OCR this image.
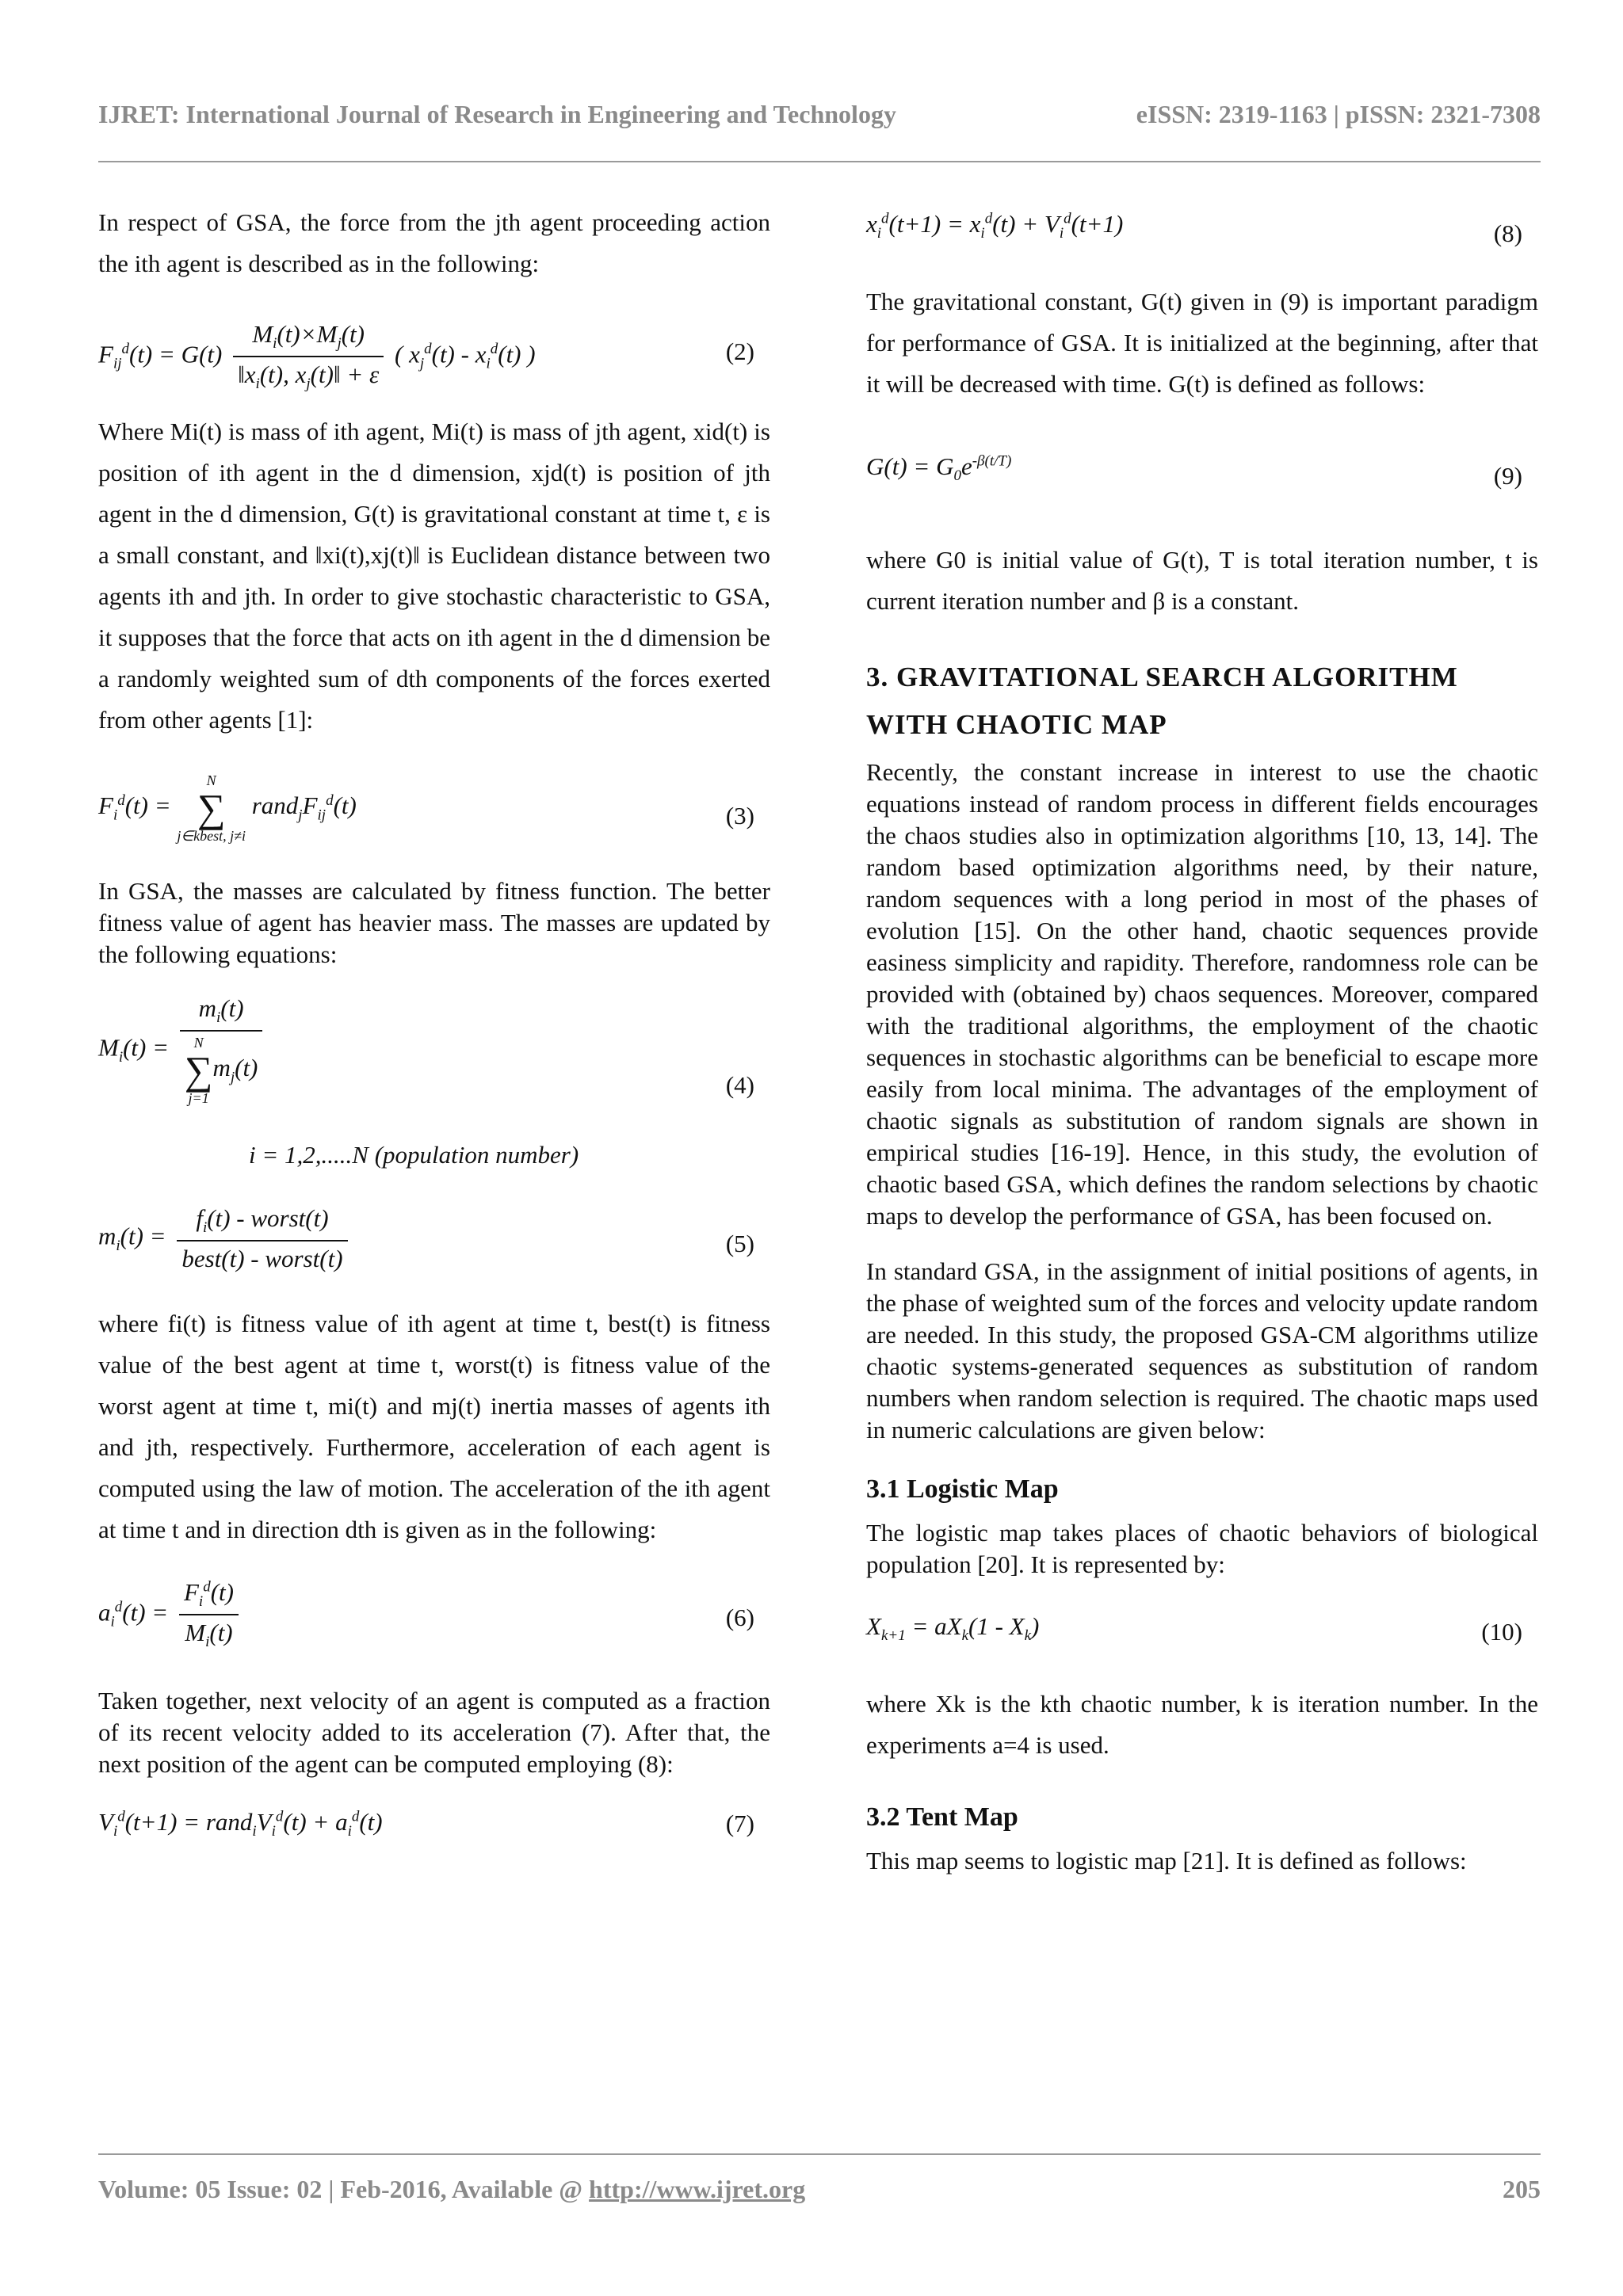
IJRET: International Journal of Research in Engineering and Technology	eISSN: 2319-1163 | pISSN: 2321-7308

In respect of GSA, the force from the jth agent proceeding action the ith agent is described as in the following:

$F_{ij}^d(t) = G(t) \frac{M_i(t)\times M_j(t)}{‖x_i(t), x_j(t)‖ + \varepsilon}$ ( $x_j^d(t) - x_i^d(t)$ )	(2)

Where Mi(t) is mass of ith agent, Mi(t) is mass of jth agent, xid(t) is position of ith agent in the d dimension, xjd(t) is position of jth agent in the d dimension, G(t) is gravitational constant at time t, ε is a small constant, and ‖xi(t),xj(t)‖ is Euclidean distance between two agents ith and jth. In order to give stochastic characteristic to GSA, it supposes that the force that acts on ith agent in the d dimension be a randomly weighted sum of dth components of the forces exerted from other agents [1]:

$F_i^d(t)$ =
N
∑
j∈kbest, j≠i
$rand_jF_{ij}^d(t)$	(3)

In GSA, the masses are calculated by fitness function. The better fitness value of agent has heavier mass. The masses are updated by the following equations:

$M_i(t) = m_i(t)$
N
∑
j=1
$m_j(t)$
i = 1,2,.....N (population number)
(4)
$m_i(t) = \frac{f_i(t) - worst(t)}{\text{best(t) - worst(t)}}$	(5)

where fi(t) is fitness value of ith agent at time t, best(t) is fitness value of the best agent at time t, worst(t) is fitness value of the worst agent at time t, mi(t) and mj(t) inertia masses of agents ith and jth, respectively. Furthermore, acceleration of each agent is computed using the law of motion. The acceleration of the ith agent at time t and in direction dth is given as in the following:

$a_i^d(t) = \frac{F_i^d(t)}{M_i(t)}$	(6)

Taken together, next velocity of an agent is computed as a fraction of its recent velocity added to its acceleration (7). After that, the next position of the agent can be computed employing (8):

$V_i^d(t+1)$ = $rand_iV_i^d(t) + a_i^d(t)$	(7)
$x_i^d(t+1) = x_i^d(t) + V_i^d(t+1)$	(8)

The gravitational constant, G(t) given in (9) is important paradigm for performance of GSA. It is initialized at the beginning, after that it will be decreased with time. G(t) is defined as follows:

$G(t) = G_0e^{-\beta(t/T)}$
(9)

where G0 is initial value of G(t), T is total iteration number, t is current iteration number and β is a constant.

3. GRAVITATIONAL SEARCH ALGORITHM WITH CHAOTIC MAP

Recently, the constant increase in interest to use the chaotic equations instead of random process in different fields encourages the chaos studies also in optimization algorithms [10, 13, 14]. The random based optimization algorithms need, by their nature, random sequences with a long period in most of the phases of evolution [15]. On the other hand, chaotic sequences provide easiness simplicity and rapidity. Therefore, randomness role can be provided with (obtained by) chaos sequences. Moreover, compared with the traditional algorithms, the employment of the chaotic sequences in stochastic algorithms can be beneficial to escape more easily from local minima. The advantages of the employment of chaotic signals as substitution of random signals are shown in empirical studies [16-19]. Hence, in this study, the evolution of chaotic based GSA, which defines the random selections by chaotic maps to develop the performance of GSA, has been focused on.

In standard GSA, in the assignment of initial positions of agents, in the phase of weighted sum of the forces and velocity update random are needed. In this study, the proposed GSA-CM algorithms utilize chaotic systems-generated sequences as substitution of random numbers when random selection is required. The chaotic maps used in numeric calculations are given below:

3.1 Logistic Map

The logistic map takes places of chaotic behaviors of biological population [20]. It is represented by:

$X_{k+1} = aX_k(1 - X_k)$	(10)

where Xk is the kth chaotic number, k is iteration number. In the experiments a=4 is used.

3.2 Tent Map

This map seems to logistic map [21]. It is defined as follows:

Volume: 05 Issue: 02 | Feb-2016, Available @ http://www.ijret.org	205
